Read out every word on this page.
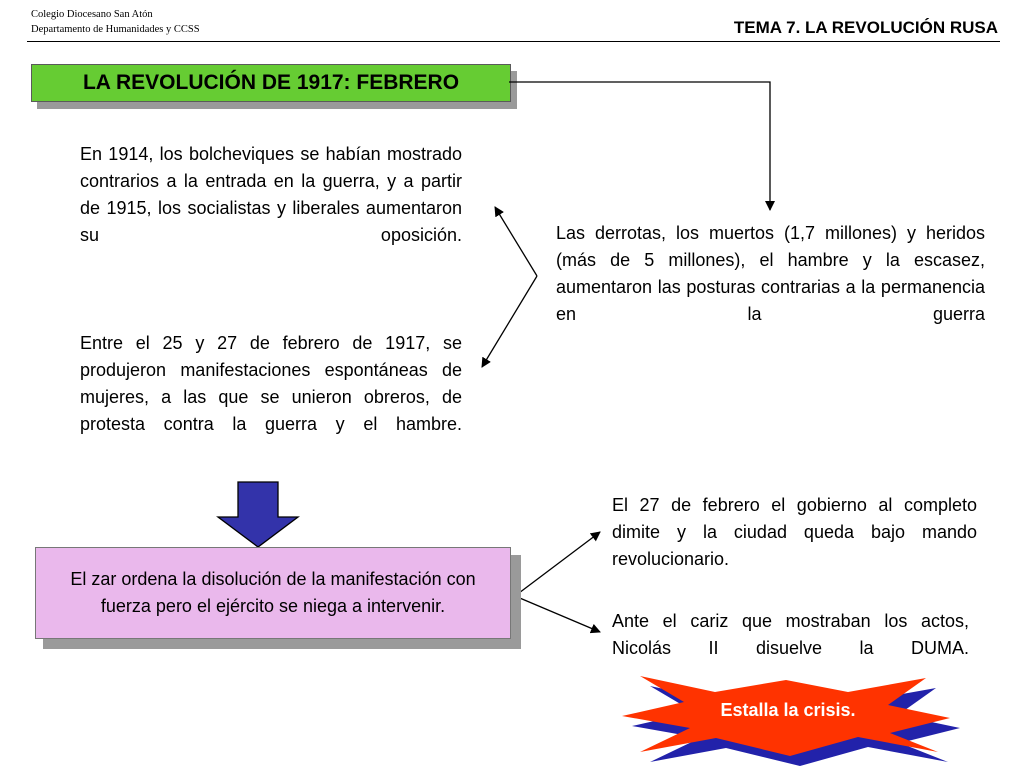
Colegio Diocesano San Atón
Departamento de Humanidades y CCSS	TEMA 7. LA REVOLUCIÓN RUSA
LA REVOLUCIÓN DE 1917: FEBRERO
En 1914, los bolcheviques se habían mostrado contrarios a la entrada en la guerra, y a partir de 1915, los socialistas y liberales aumentaron su oposición.
Entre el 25 y 27 de febrero de 1917, se produjeron manifestaciones espontáneas de mujeres, a las que se unieron obreros, de protesta contra la guerra y el hambre.
Las derrotas, los muertos (1,7 millones) y heridos (más de 5 millones), el hambre y la escasez, aumentaron las posturas contrarias a la permanencia en la guerra
El 27 de febrero el gobierno al completo dimite y la ciudad queda bajo mando revolucionario.
Ante el cariz que mostraban los actos, Nicolás II disuelve la DUMA.
El zar ordena la disolución de la manifestación con fuerza pero el ejército se niega a intervenir.
Estalla la crisis.
